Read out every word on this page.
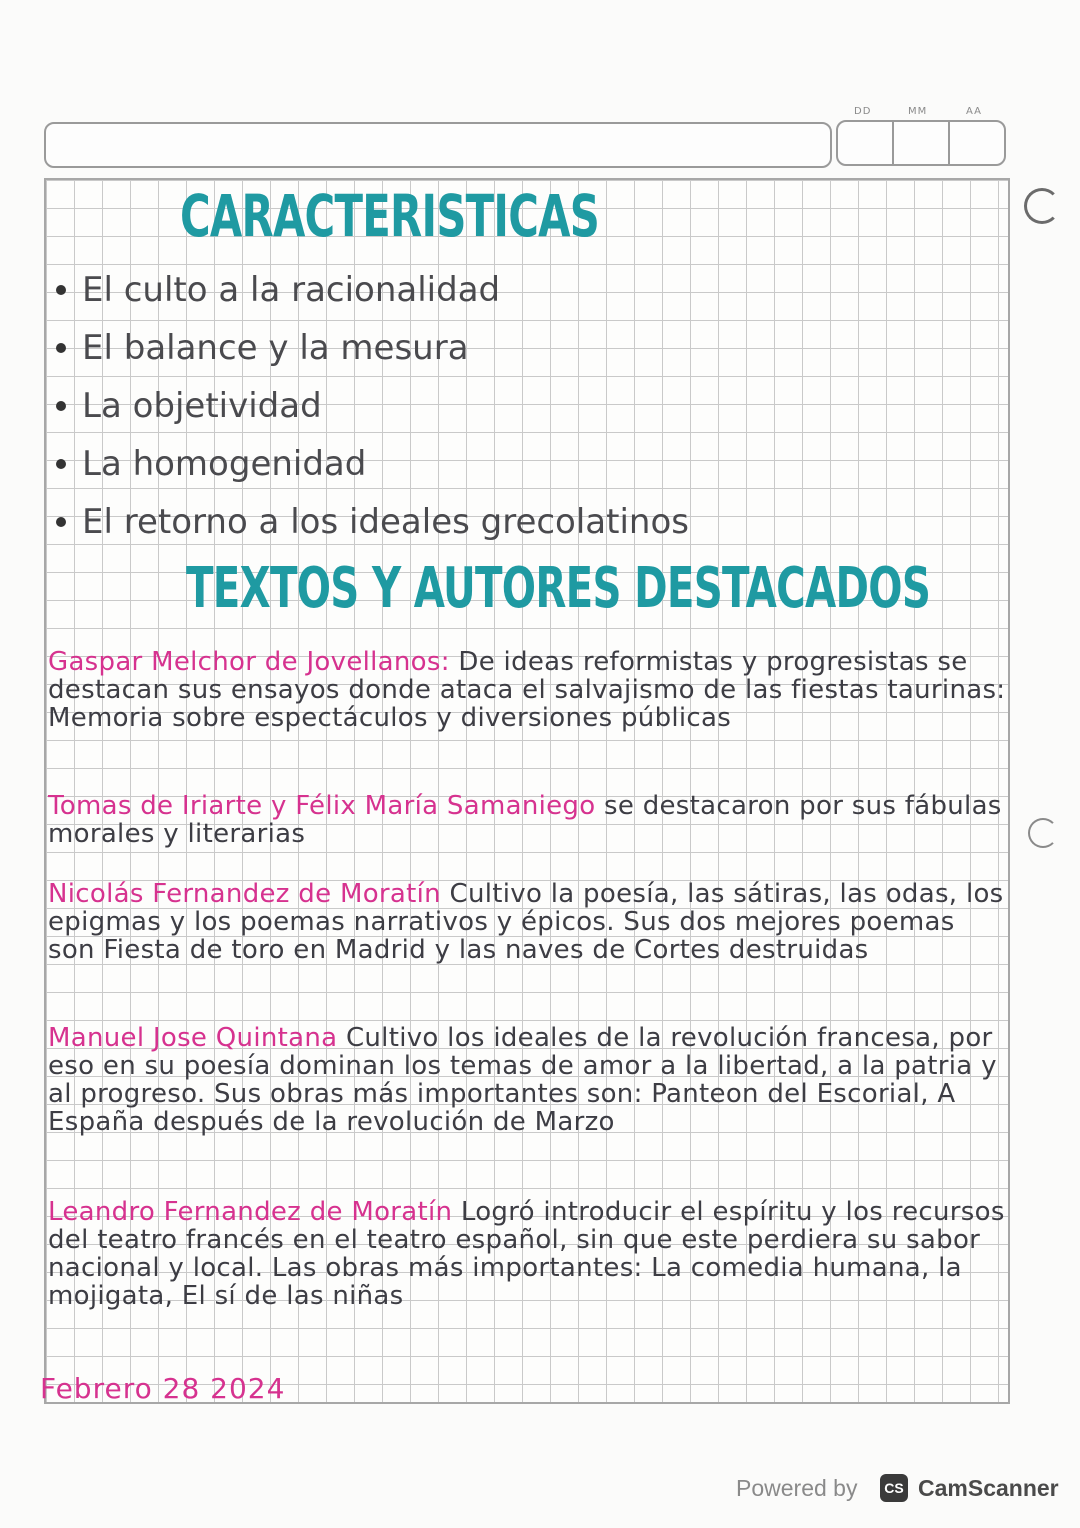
DD	MM	AA
CARACTERISTICAS
El culto a la racionalidad
El balance y la mesura
La objetividad
La homogenidad
El retorno a los ideales grecolatinos
TEXTOS Y AUTORES DESTACADOS

Gaspar Melchor de Jovellanos: De ideas reformistas y progresistas se destacan sus ensayos donde ataca el salvajismo de las fiestas taurinas: Memoria sobre espectáculos y diversiones públicas

Tomas de Iriarte y Félix María Samaniego se destacaron por sus fábulas morales y literarias

Nicolás Fernandez de Moratín Cultivo la poesía, las sátiras, las odas, los epigmas y los poemas narrativos y épicos. Sus dos mejores poemas son Fiesta de toro en Madrid y las naves de Cortes destruidas

Manuel Jose Quintana Cultivo los ideales de la revolución francesa, por eso en su poesía dominan los temas de amor a la libertad, a la patria y al progreso. Sus obras más importantes son: Panteon del Escorial, A España después de la revolución de Marzo

Leandro Fernandez de Moratín Logró introducir el espíritu y los recursos del teatro francés en el teatro español, sin que este perdiera su sabor nacional y local. Las obras más importantes: La comedia humana, la mojigata, El sí de las niñas

Febrero 28 2024
Powered by	CS CamScanner
